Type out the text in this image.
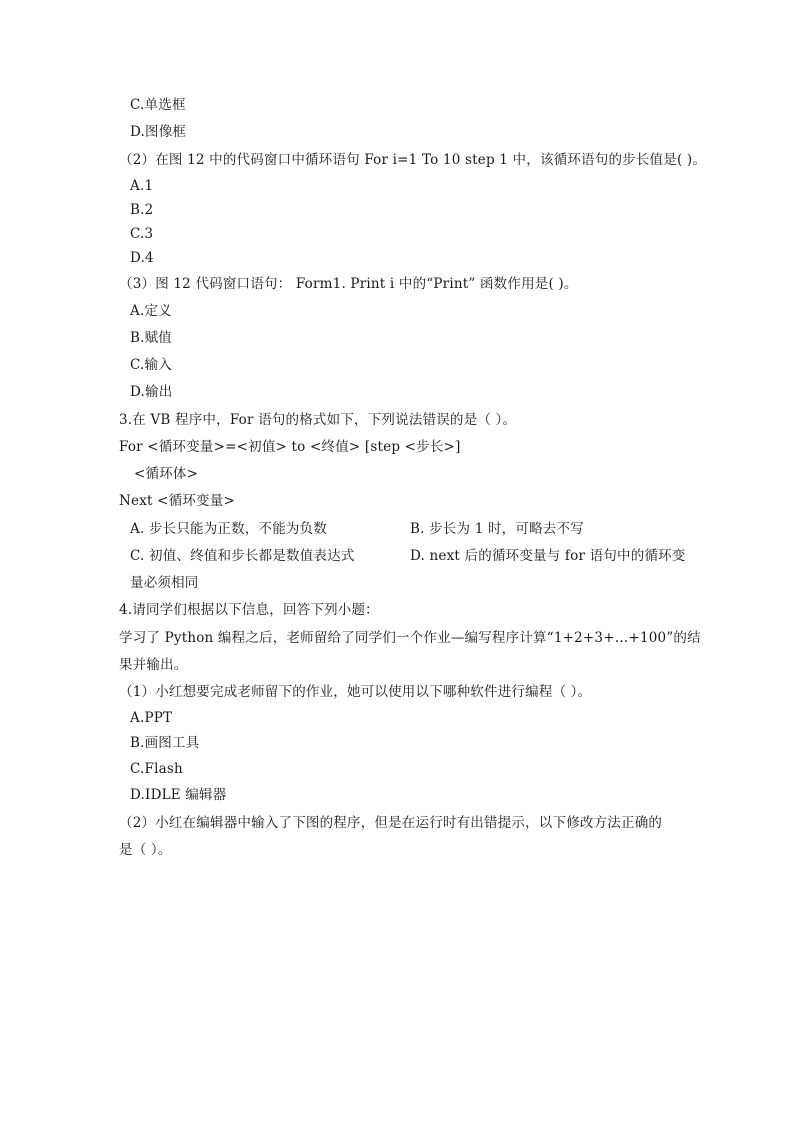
C.单选框
D.图像框
（2）在图 12 中的代码窗口中循环语句 For i=1 To 10 step 1 中，该循环语句的步长值是( )。
A.1
B.2
C.3
D.4
（3）图 12 代码窗口语句： Form1. Print i 中的“Print” 函数作用是( )。
A.定义
B.赋值
C.输入
D.输出
3.在 VB 程序中，For 语句的格式如下，下列说法错误的是（ ）。
For <循环变量>=<初值> to <终值> [step <步长>]
<循环体>
Next <循环变量>
A. 步长只能为正数，不能为负数	B. 步长为 1 时，可略去不写
C. 初值、终值和步长都是数值表达式	D. next 后的循环变量与 for 语句中的循环变
量必须相同
4.请同学们根据以下信息，回答下列小题：
学习了 Python 编程之后，老师留给了同学们一个作业—编写程序计算“1+2+3+…+100”的结
果并输出。
（1）小红想要完成老师留下的作业，她可以使用以下哪种软件进行编程（ ）。
A.PPT
B.画图工具
C.Flash
D.IDLE 编辑器
（2）小红在编辑器中输入了下图的程序，但是在运行时有出错提示，以下修改方法正确的
是（ ）。
